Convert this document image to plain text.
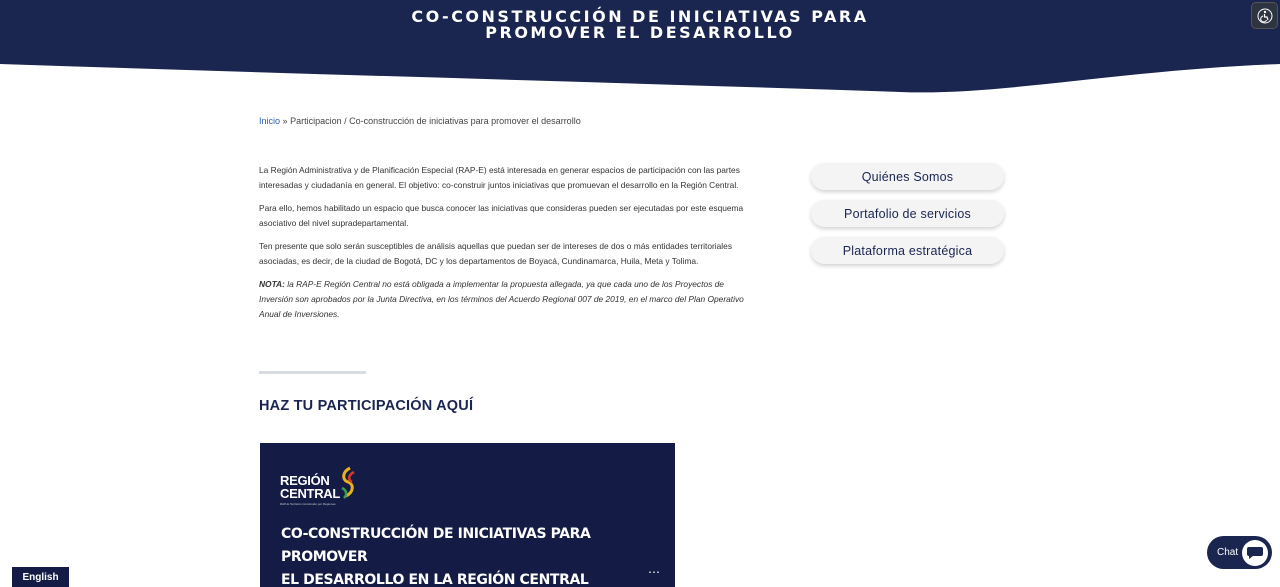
CO-CONSTRUCCIÓN DE INICIATIVAS PARA
PROMOVER EL DESARROLLO
Inicio » Participacion / Co-construcción de iniciativas para promover el desarrollo

La Región Administrativa y de Planificación Especial (RAP-E) está interesada en generar espacios de participación con las partes interesadas y ciudadanía en general. El objetivo: co-construir juntos iniciativas que promuevan el desarrollo en la Región Central.

Para ello, hemos habilitado un espacio que busca conocer las iniciativas que consideras pueden ser ejecutadas por este esquema asociativo del nivel supradepartamental.

Ten presente que solo serán susceptibles de análisis aquellas que puedan ser de intereses de dos o más entidades territoriales asociadas, es decir, de la ciudad de Bogotá, DC y los departamentos de Boyacá, Cundinamarca, Huila, Meta y Tolima.

NOTA: la RAP-E Región Central no está obligada a implementar la propuesta allegada, ya que cada uno de los Proyectos de Inversión son aprobados por la Junta Directiva, en los términos del Acuerdo Regional 007 de 2019, en el marco del Plan Operativo Anual de Inversiones.

HAZ TU PARTICIPACIÓN AQUÍ
Quiénes Somos
Portafolio de servicios
Plataforma estratégica
REGIÓN
CENTRAL
RAP-E Territorio Construido por Regiones
CO-CONSTRUCCIÓN DE INICIATIVAS PARA PROMOVER
EL DESARROLLO EN LA REGIÓN CENTRAL	⋯
Chat
English
